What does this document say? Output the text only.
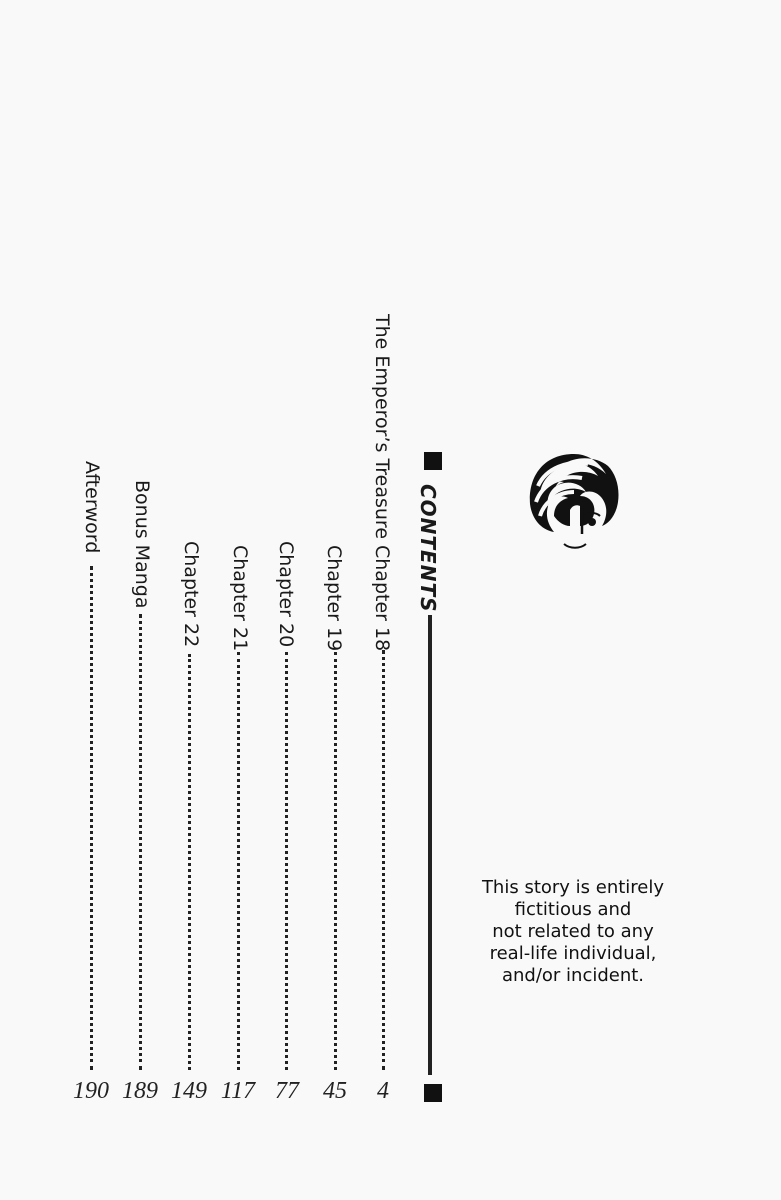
CONTENTS
The Emperor’s Treasure
Chapter 18
4
Chapter 19
45
Chapter 20
77
Chapter 21
117
Chapter 22
149
Bonus Manga
189
Afterword
190
This story is entirely
fictitious and
not related to any
real-life individual,
and/or incident.
